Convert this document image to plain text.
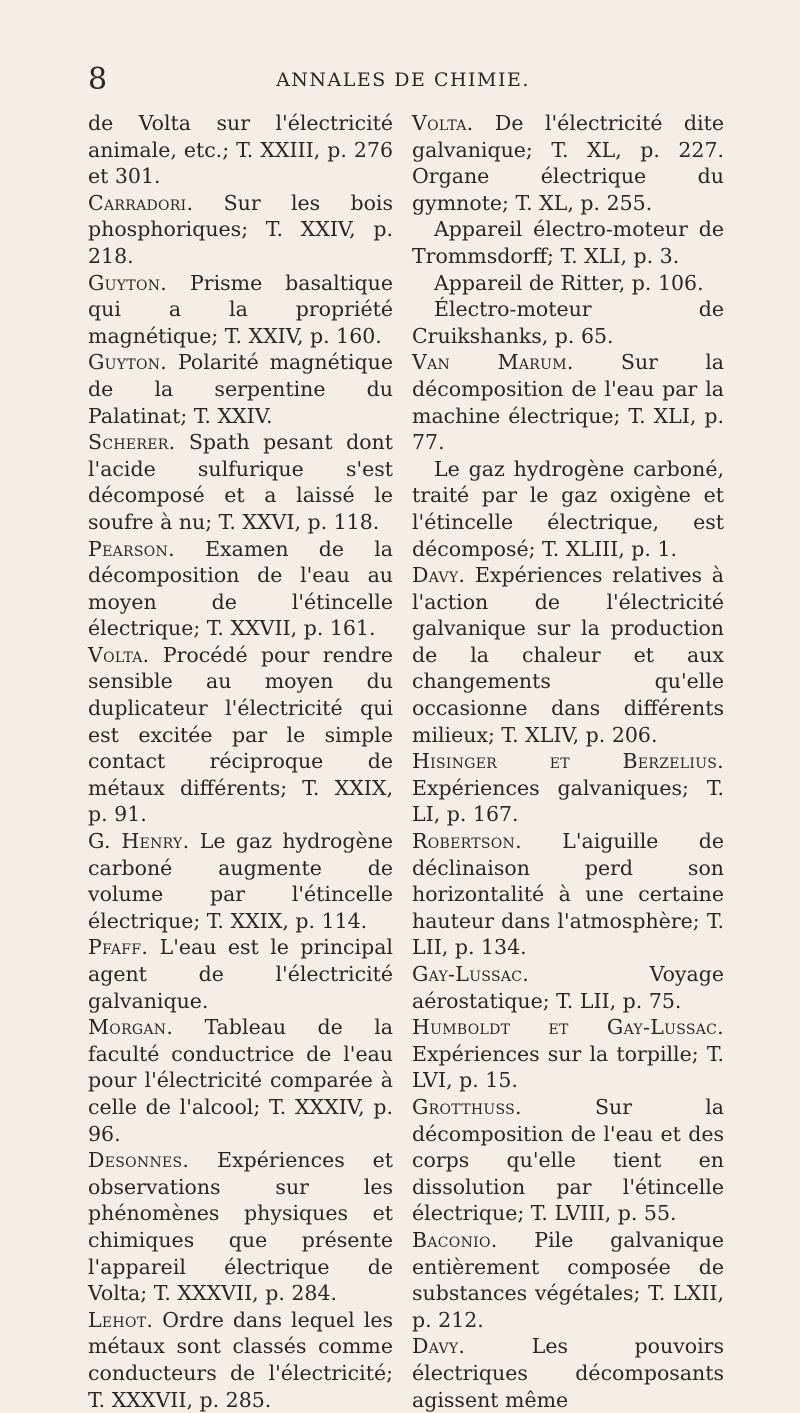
8	ANNALES DE CHIMIE.

de Volta sur l'électricité animale, etc.; T. XXIII, p. 276 et 301.

Carradori. Sur les bois phosphoriques; T. XXIV, p. 218.

Guyton. Prisme basaltique qui a la propriété magnétique; T. XXIV, p. 160.

Guyton. Polarité magnétique de la serpentine du Palatinat; T. XXIV.

Scherer. Spath pesant dont l'acide sulfurique s'est décomposé et a laissé le soufre à nu; T. XXVI, p. 118.

Pearson. Examen de la décomposition de l'eau au moyen de l'étincelle électrique; T. XXVII, p. 161.

Volta. Procédé pour rendre sensible au moyen du duplicateur l'électricité qui est excitée par le simple contact réciproque de métaux différents; T. XXIX, p. 91.

G. Henry. Le gaz hydrogène carboné augmente de volume par l'étincelle électrique; T. XXIX, p. 114.

Pfaff. L'eau est le principal agent de l'électricité galvanique.

Morgan. Tableau de la faculté conductrice de l'eau pour l'électricité comparée à celle de l'alcool; T. XXXIV, p. 96.

Desonnes. Expériences et observations sur les phénomènes physiques et chimiques que présente l'appareil électrique de Volta; T. XXXVII, p. 284.

Lehot. Ordre dans lequel les métaux sont classés comme conducteurs de l'électricité; T. XXXVII, p. 285.

Volta. De l'électricité dite galvanique; T. XL, p. 227. Organe électrique du gymnote; T. XL, p. 255.

Appareil électro-moteur de Trommsdorff; T. XLI, p. 3.

Appareil de Ritter, p. 106.

Électro-moteur de Cruikshanks, p. 65.

Van Marum. Sur la décomposition de l'eau par la machine électrique; T. XLI, p. 77.

Le gaz hydrogène carboné, traité par le gaz oxigène et l'étincelle électrique, est décomposé; T. XLIII, p. 1.

Davy. Expériences relatives à l'action de l'électricité galvanique sur la production de la chaleur et aux changements qu'elle occasionne dans différents milieux; T. XLIV, p. 206.

Hisinger et Berzelius. Expériences galvaniques; T. LI, p. 167.

Robertson. L'aiguille de déclinaison perd son horizontalité à une certaine hauteur dans l'atmosphère; T. LII, p. 134.

Gay-Lussac.	Voyage aérostatique; T. LII, p. 75.

Humboldt et Gay-Lussac. Expériences sur la torpille; T. LVI, p. 15.

Grotthuss.	Sur la décomposition de l'eau et des corps qu'elle tient en dissolution par l'étincelle électrique; T. LVIII, p. 55.

Baconio. Pile galvanique entièrement composée de substances végétales; T. LXII, p. 212.

Davy.	Les pouvoirs électriques décomposants agissent même
